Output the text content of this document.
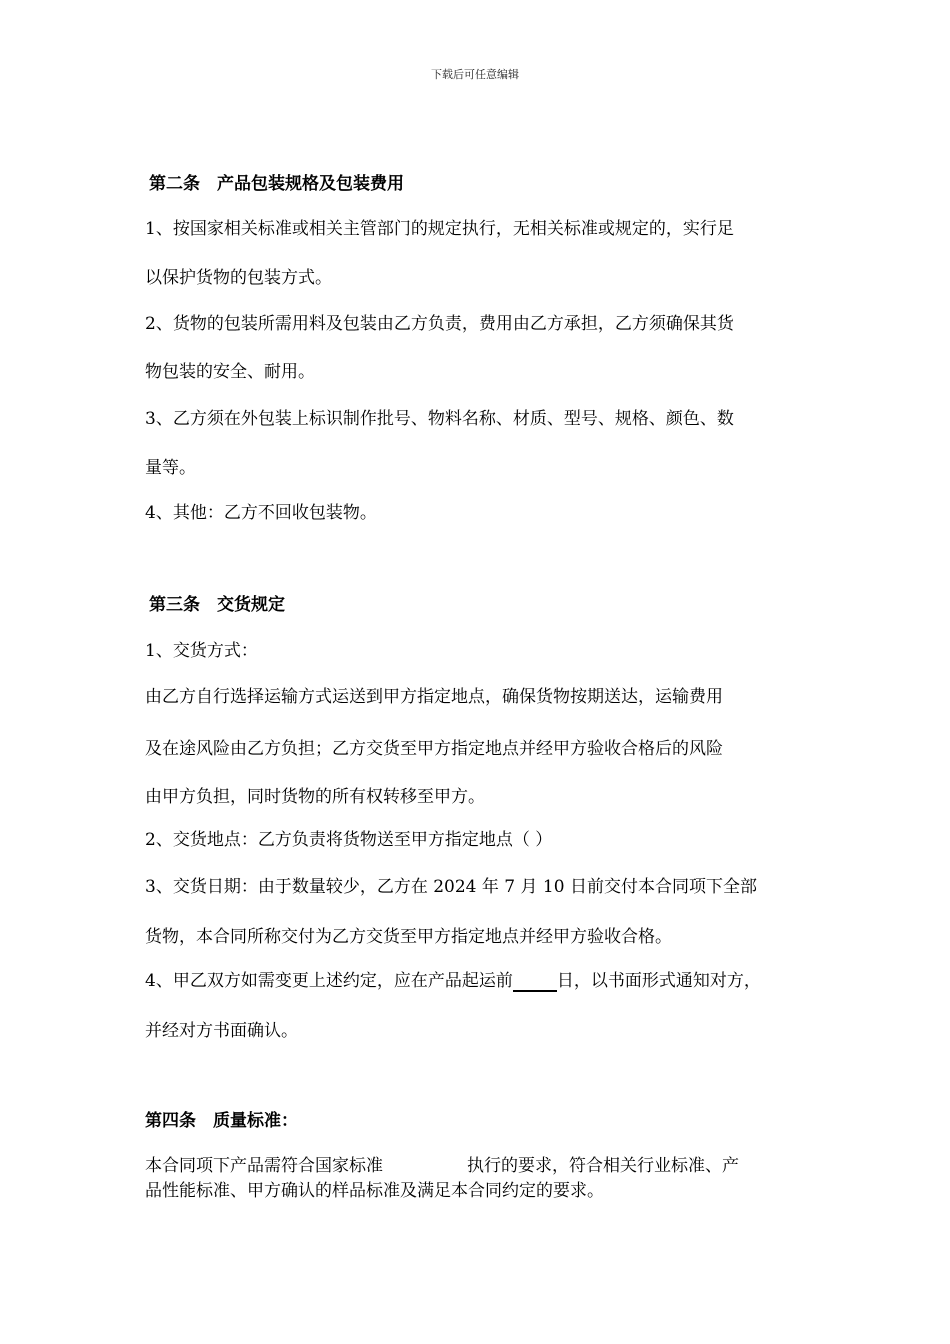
下载后可任意编辑
第二条　产品包装规格及包装费用
1、按国家相关标准或相关主管部门的规定执行，无相关标准或规定的，实行足
以保护货物的包装方式。
2、货物的包装所需用料及包装由乙方负责，费用由乙方承担，乙方须确保其货
物包装的安全、耐用。
3、乙方须在外包装上标识制作批号、物料名称、材质、型号、规格、颜色、数
量等。
4、其他：乙方不回收包装物。
第三条　交货规定
1、交货方式：
由乙方自行选择运输方式运送到甲方指定地点，确保货物按期送达，运输费用
及在途风险由乙方负担；乙方交货至甲方指定地点并经甲方验收合格后的风险
由甲方负担，同时货物的所有权转移至甲方。
2、交货地点：乙方负责将货物送至甲方指定地点（ ）
3、交货日期：由于数量较少，乙方在 2024 年 7 月 10 日前交付本合同项下全部
货物，本合同所称交付为乙方交货至甲方指定地点并经甲方验收合格。
4、甲乙双方如需变更上述约定，应在产品起运前	日，以书面形式通知对方，
并经对方书面确认。
第四条　质量标准：
本合同项下产品需符合国家标准	执行的要求，符合相关行业标准、产
品性能标准、甲方确认的样品标准及满足本合同约定的要求。
